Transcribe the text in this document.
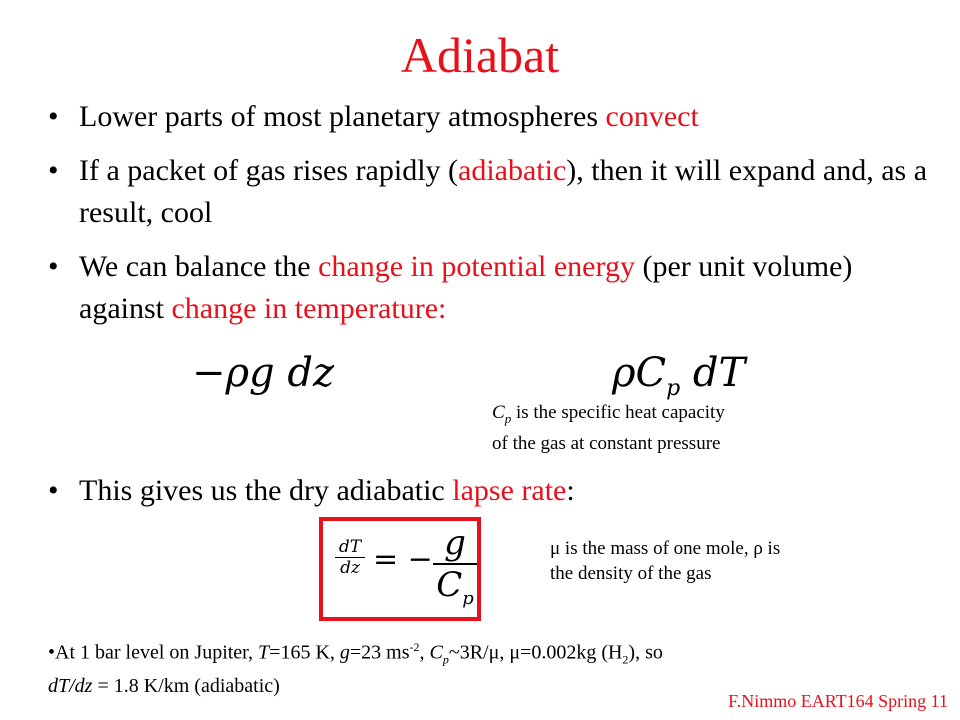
Adiabat
• Lower parts of most planetary atmospheres convect
• If a packet of gas rises rapidly (adiabatic), then it will expand and, as a result, cool
• We can balance the change in potential energy (per unit volume) against change in temperature:
−ρg dz	$\rho C_p$ dT
$C_p$ is the specific heat capacity
of the gas at constant pressure
• This gives us the dry adiabatic lapse rate:
$\frac{dT}{dz}$ = − $\frac{g}{C_p}$	μ is the mass of one mole, ρ is
the density of the gas
•At 1 bar level on Jupiter, T=165 K, g=23 $ms^{-2}$, $C_p\sim 3R/\mu$, μ=0.002kg $(H_2)$, so
dT/dz = 1.8 K/km (adiabatic)
F.Nimmo EART164 Spring 11
